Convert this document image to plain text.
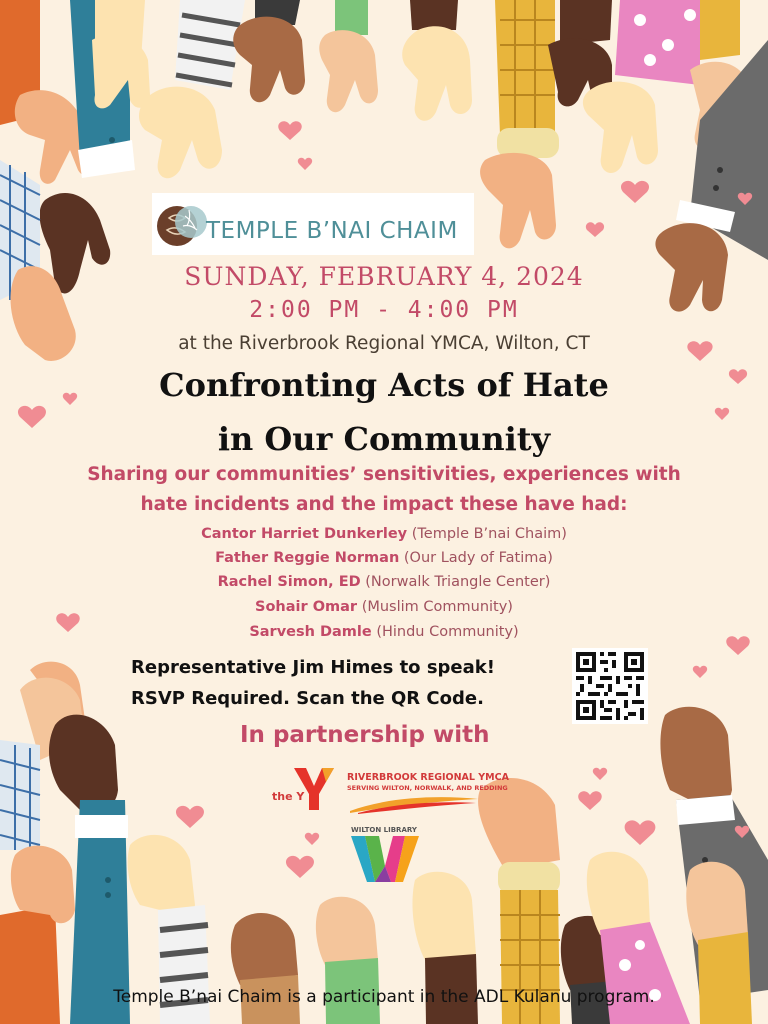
TEMPLE B’NAI CHAIM
SUNDAY, FEBRUARY 4, 2024
2:00 PM - 4:00 PM
at the Riverbrook Regional YMCA, Wilton, CT
Confronting Acts of Hate
in Our Community
Sharing our communities’ sensitivities, experiences with
hate incidents and the impact these have had:
Cantor Harriet Dunkerley (Temple B’nai Chaim)
Father Reggie Norman (Our Lady of Fatima)
Rachel Simon, ED (Norwalk Triangle Center)
Sohair Omar (Muslim Community)
Sarvesh Damle (Hindu Community)
Representative Jim Himes to speak!
RSVP Required. Scan the QR Code.
In partnership with
the Y
RIVERBROOK REGIONAL YMCA
SERVING WILTON, NORWALK, AND REDDING
WILTON LIBRARY
Temple B’nai Chaim is a participant in the ADL Kulanu program.
